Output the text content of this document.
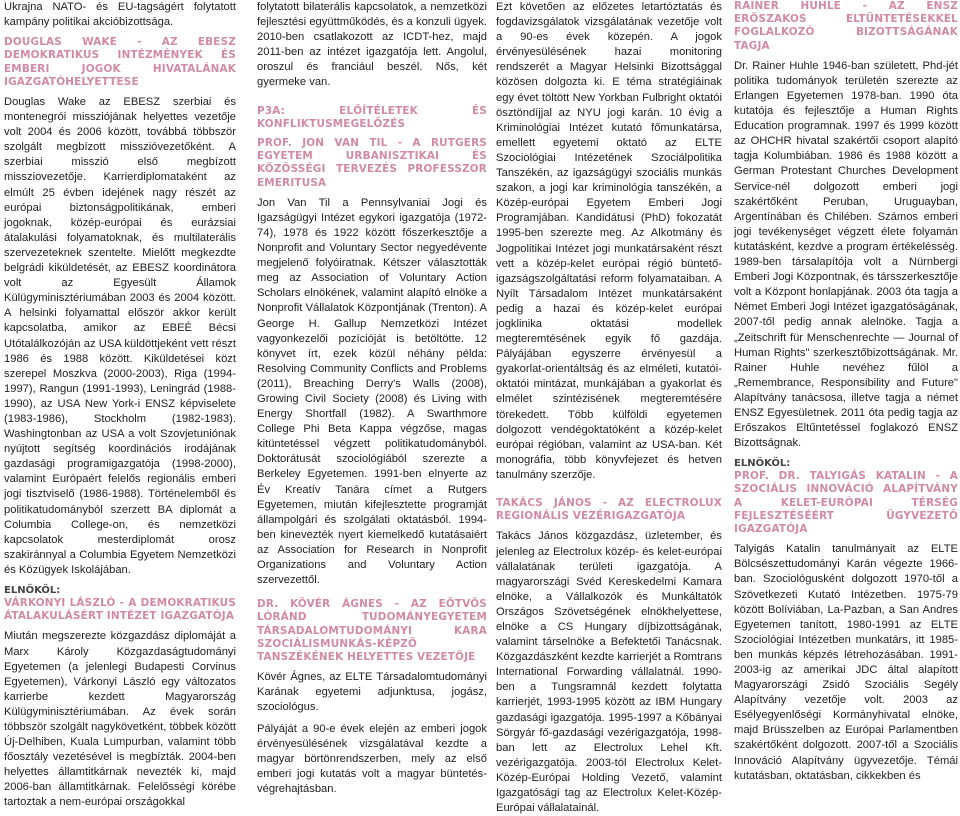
Ukrajna NATO- és EU-tagságért folytatott kampány politikai akcióbizottsága.

DOUGLAS WAKE - AZ EBESZ DEMOKRATIKUS INTÉZMÉNYEK ÉS EMBERI JOGOK HIVATALÁNAK IGAZGATÓHELYETTESE

Douglas Wake az EBESZ szerbiai és montenegrói missziójának helyettes vezetője volt 2004 és 2006 között, továbbá többször szolgált megbízott misszióvezetőként. A szerbiai misszió első megbízott missziovezetője. Karrierdiplomataként az elmúlt 25 évben idejének nagy részét az európai biztonságpolitikának, emberi jogoknak, közép-európai és eurázsiai átalakulási folyamatoknak, és multilaterális szervezeteknek szentelte. Mielőtt megkezdte belgrádi kiküldetését, az EBESZ koordinátora volt az Egyesült Államok Külügyminisztériumában 2003 és 2004 között. A helsinki folyamattal először akkor került kapcsolatba, amikor az EBEÉ Bécsi Utótalálkozóján az USA küldöttjeként vett részt 1986 és 1988 között. Kiküldetései közt szerepel Moszkva (2000-2003), Riga (1994-1997), Rangun (1991-1993), Leningrád (1988-1990), az USA New York-i ENSZ képviselete (1983-1986), Stockholm (1982-1983). Washingtonban az USA a volt Szovjetuniónak nyújtott segítség koordinációs irodájának gazdasági programigazgatója (1998-2000), valamint Európaért felelős regionális emberi jogi tisztviselő (1986-1988). Történelemből és politikatudományból szerzett BA diplomát a Columbia College-on, és nemzetközi kapcsolatok mesterdiplomát orosz szakiránnyal a Columbia Egyetem Nemzetközi és Közügyek Iskolájában.

ELNÖKÖL:
VÁRKONYI LÁSZLÓ - A DEMOKRATIKUS ÁTALAKULÁSÉRT INTÉZET IGAZGATÓJA

Miután megszerezte közgazdász diplomáját a Marx Károly Közgazdaságtudományi Egyetemen (a jelenlegi Budapesti Corvinus Egyetemen), Várkonyi László egy változatos karrierbe kezdett Magyarország Külügyminisztériumában. Az évek során többször szolgált nagykövetként, többek között Új-Delhiben, Kuala Lumpurban, valamint több főosztály vezetésével is megbízták. 2004-ben helyettes államtitkárnak nevezték ki, majd 2006-ban államtitkárnak. Felelősségi körébe tartoztak a nem-európai országokkal

folytatott bilaterális kapcsolatok, a nemzetközi fejlesztési együttműködés, és a konzuli ügyek. 2010-ben csatlakozott az ICDT-hez, majd 2011-ben az intézet igazgatója lett. Angolul, oroszul és franciául beszél. Nős, két gyermeke van.

P3A: ELŐÍTÉLETEK ÉS KONFLIKTUSMEGELŐZÉS
PROF. JON VAN TIL - A RUTGERS EGYETEM URBANISZTIKAI ÉS KÖZÖSSÉGI TERVEZÉS PROFESSZOR EMERITUSA

Jon Van Til a Pennsylvaniai Jogi és Igazságügyi Intézet egykori igazgatója (1972-74), 1978 és 1922 között főszerkesztője a Nonprofit and Voluntary Sector negyedévente megjelenő folyóiratnak. Kétszer választották meg az Association of Voluntary Action Scholars elnökének, valamint alapító elnöke a Nonprofit Vállalatok Központjának (Trenton). A George H. Gallup Nemzetközi Intézet vagyonkezelői pozícióját is betöltötte. 12 könyvet írt, ezek közül néhány példa: Resolving Community Conflicts and Problems (2011), Breaching Derry's Walls (2008), Growing Civil Society (2008) és Living with Energy Shortfall (1982). A Swarthmore College Phi Beta Kappa végzőse, magas kitüntetéssel végzett politikatudományból. Doktorátusát szociológiából szerezte a Berkeley Egyetemen. 1991-ben elnyerte az Év Kreatív Tanára címet a Rutgers Egyetemen, miután kifejlesztette programját állampolgári és szolgálati oktatásból. 1994-ben kinevezték nyert kiemelkedő kutatásaiért az Association for Research in Nonprofit Organizations and Voluntary Action szervezettől.

DR. KÖVÉR ÁGNES - AZ EÖTVÖS LÓRÁND TUDOMÁNYEGYETEM TÁRSADALOMTUDOMÁNYI KARA SZOCIÁLISMUNKÁS-KÉPZŐ TANSZÉKÉNEK HELYETTES VEZETŐJE

Kövér Ágnes, az ELTE Társadalomtudományi Karának egyetemi adjunktusa, jogász, szociológus.

Pályáját a 90-e évek elején az emberi jogok érvényesülésének vizsgálatával kezdte a magyar börtönrendszerben, mely az első emberi jogi kutatás volt a magyar büntetés-végrehajtásban.

Ezt követően az előzetes letartóztatás és fogdavizsgálatok vizsgálatának vezetője volt a 90-es évek közepén. A jogok érvényesülésének hazai monitoring rendszerét a Magyar Helsinki Bizottsággal közösen dolgozta ki. E téma stratégiáinak egy évet töltött New Yorkban Fulbright oktatói ösztöndíjjal az NYU jogi karán. 10 évig a Kriminológiai Intézet kutató főmunkatársa, emellett egyetemi oktató az ELTE Szociológiai Intézetének Szociálpolitika Tanszékén, az igazságügyi szociális munkás szakon, a jogi kar kriminológia tanszékén, a Közép-európai Egyetem Emberi Jogi Programjában. Kandidátusi (PhD) fokozatát 1995-ben szerezte meg. Az Alkotmány és Jogpolitikai Intézet jogi munkatársaként részt vett a közép-kelet európai régió büntető-igazságszolgáltatási reform folyamataiban. A Nyílt Társadalom Intézet munkatársaként pedig a hazai és közép-kelet európai jogklinika oktatási modellek megteremtésének egyik fő gazdája. Pályájában egyszerre érvényesül a gyakorlat-orientáltság és az elméleti, kutatói-oktatói mintázat, munkájában a gyakorlat és elmélet szintézisének megteremtésére törekedett. Több külföldi egyetemen dolgozott vendégoktatóként a közép-kelet európai régióban, valamint az USA-ban. Két monográfia, több könyvfejezet és hetven tanulmány szerzője.

TAKÁCS JÁNOS - AZ ELECTROLUX REGIONÁLIS VEZÉRIGAZGATÓJA

Takács János közgazdász, üzletember, és jelenleg az Electrolux közép- és kelet-európai vállalatának területi igazgatója. A magyarországi Svéd Kereskedelmi Kamara elnöke, a Vállalkozók és Munkáltatók Országos Szövetségének elnökhelyettese, elnöke a CS Hungary díjbizottságának, valamint társelnöke a Befektetői Tanácsnak. Közgazdászként kezdte karrierjét a Romtrans International Forwarding vállalatnál. 1990-ben a Tungsramnál kezdett folytatta karrierjét, 1993-1995 között az IBM Hungary gazdasági igazgatója. 1995-1997 a Kőbányai Sörgyár fő-gazdasági vezérigazgatója, 1998-ban lett az Electrolux Lehel Kft. vezérigazgatója. 2003-tól Electrolux Kelet-Közép-Európai Holding Vezető, valamint Igazgatósági tag az Electrolux Kelet-Közép-Európai vállalatainál.

RAINER HUHLE - AZ ENSZ ERŐSZAKOS ELTŰNTETÉSEKKEL FOGLALKOZÓ BIZOTTSÁGÁNAK TAGJA

Dr. Rainer Huhle 1946-ban született, Phd-jét politika tudományok területén szerezte az Erlangen Egyetemen 1978-ban. 1990 óta kutatója és fejlesztője a Human Rights Education programnak. 1997 és 1999 között az OHCHR hivatal szakértői csoport alapító tagja Kolumbiában. 1986 és 1988 között a German Protestant Churches Development Service-nél dolgozott emberi jogi szakértőként Peruban, Uruguayban, Argentínában és Chilében. Számos emberi jogi tevékenységet végzett élete folyamán kutatásként, kezdve a program értékelésség. 1989-ben társalapítója volt a Nürnbergi Emberi Jogi Központnak, és társszerkesztője volt a Központ honlapjának. 2003 óta tagja a Német Emberi Jogi Intézet igazgatóságának, 2007-től pedig annak alelnöke. Tagja a „Zeitschrift für Menschenrechte — Journal of Human Rights" szerkesztőbizottságának. Mr. Rainer Huhle nevéhez fűlöl a „Remembrance, Responsibility and Future" Alapítvány tanácsosa, illetve tagja a német ENSZ Egyesületnek. 2011 óta pedig tagja az Erőszakos Eltűntetéssel foglakozó ENSZ Bizottságnak.

ELNÖKÖL:
PROF. DR. TALYIGÁS KATALIN - A SZOCIÁLIS INNOVÁCIÓ ALAPÍTVÁNY A KELET-EURÓPAI TÉRSÉG FEJLESZTÉSÉÉRT ÜGYVEZETŐ IGAZGATÓJA

Talyigás Katalin tanulmányait az ELTE Bölcsészettudományi Karán végezte 1966-ban. Szociológusként dolgozott 1970-től a Szövetkezeti Kutató Intézetben. 1975-79 között Bolíviában, La-Pazban, a San Andres Egyetemen tanított, 1980-1991 az ELTE Szociológiai Intézetben munkatárs, itt 1985-ben munkás képzés létrehozásában. 1991-2003-ig az amerikai JDC által alapított Magyarországi Zsidó Szociális Segély Alapítvány vezetője volt. 2003 az Esélyegyenlőségi Kormányhivatal elnöke, majd Brüsszelben az Európai Parlamentben szakértőként dolgozott. 2007-től a Szociális Innováció Alapítvány ügyvezetője. Témái kutatásban, oktatásban, cikkekben és
